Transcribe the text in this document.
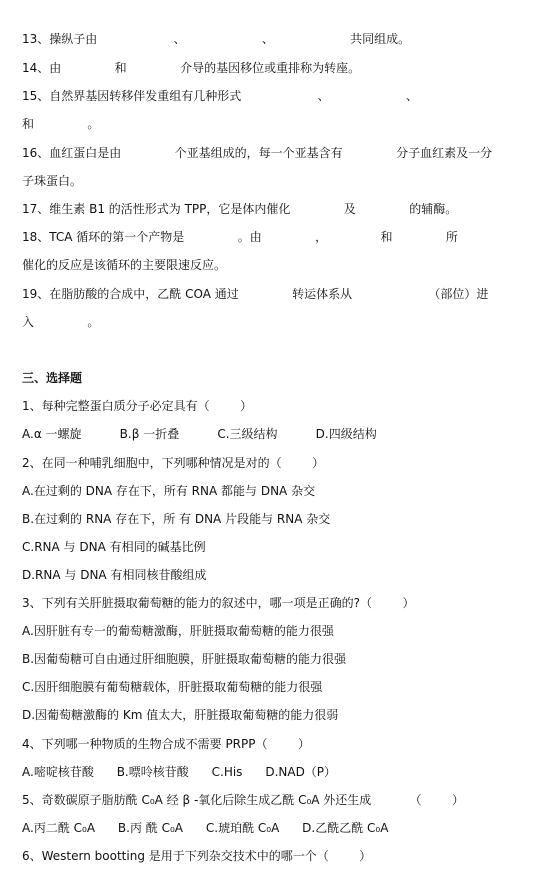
13、操纵子由                    、                    、                    共同组成。
14、由              和              介导的基因移位或重排称为转座。
15、自然界基因转移伴发重组有几种形式                    、                    、
和              。
16、血红蛋白是由              个亚基组成的，每一个亚基含有              分子血红素及一分
子珠蛋白。
17、维生素 B1 的活性形式为 TPP，它是体内催化              及              的辅酶。
18、TCA 循环的第一个产物是              。由              ，              和              所
催化的反应是该循环的主要限速反应。
19、在脂肪酸的合成中，乙酰 COA 通过              转运体系从                    （部位）进
入              。
三、选择题
1、每种完整蛋白质分子必定具有（        ）
A.α 一螺旋          B.β 一折叠          C.三级结构          D.四级结构
2、在同一种哺乳细胞中，下列哪种情况是对的（        ）
A.在过剩的 DNA 存在下，所有 RNA 都能与 DNA 杂交
B.在过剩的 RNA 存在下，所 有 DNA 片段能与 RNA 杂交
C.RNA 与 DNA 有相同的碱基比例
D.RNA 与 DNA 有相同核苷酸组成
3、下列有关肝脏摄取葡萄糖的能力的叙述中，哪一项是正确的?（        ）
A.因肝脏有专一的葡萄糖激酶，肝脏摄取葡萄糖的能力很强
B.因葡萄糖可自由通过肝细胞膜，肝脏摄取葡萄糖的能力很强
C.因肝细胞膜有葡萄糖载体，肝脏摄取葡萄糖的能力很强
D.因葡萄糖激酶的 Km 值太大，肝脏摄取葡萄糖的能力很弱
4、下列哪一种物质的生物合成不需要 PRPP（        ）
A.嘧啶核苷酸      B.嘌呤核苷酸      C.His      D.NAD（P）
5、奇数碳原子脂肪酰 C₀A 经 β -氧化后除生成乙酰 C₀A 外还生成          （        ）
A.丙二酰 C₀A      B.丙 酰 C₀A      C.琥珀酰 C₀A      D.乙酰乙酰 C₀A
6、Western bootting 是用于下列杂交技术中的哪一个（        ）
